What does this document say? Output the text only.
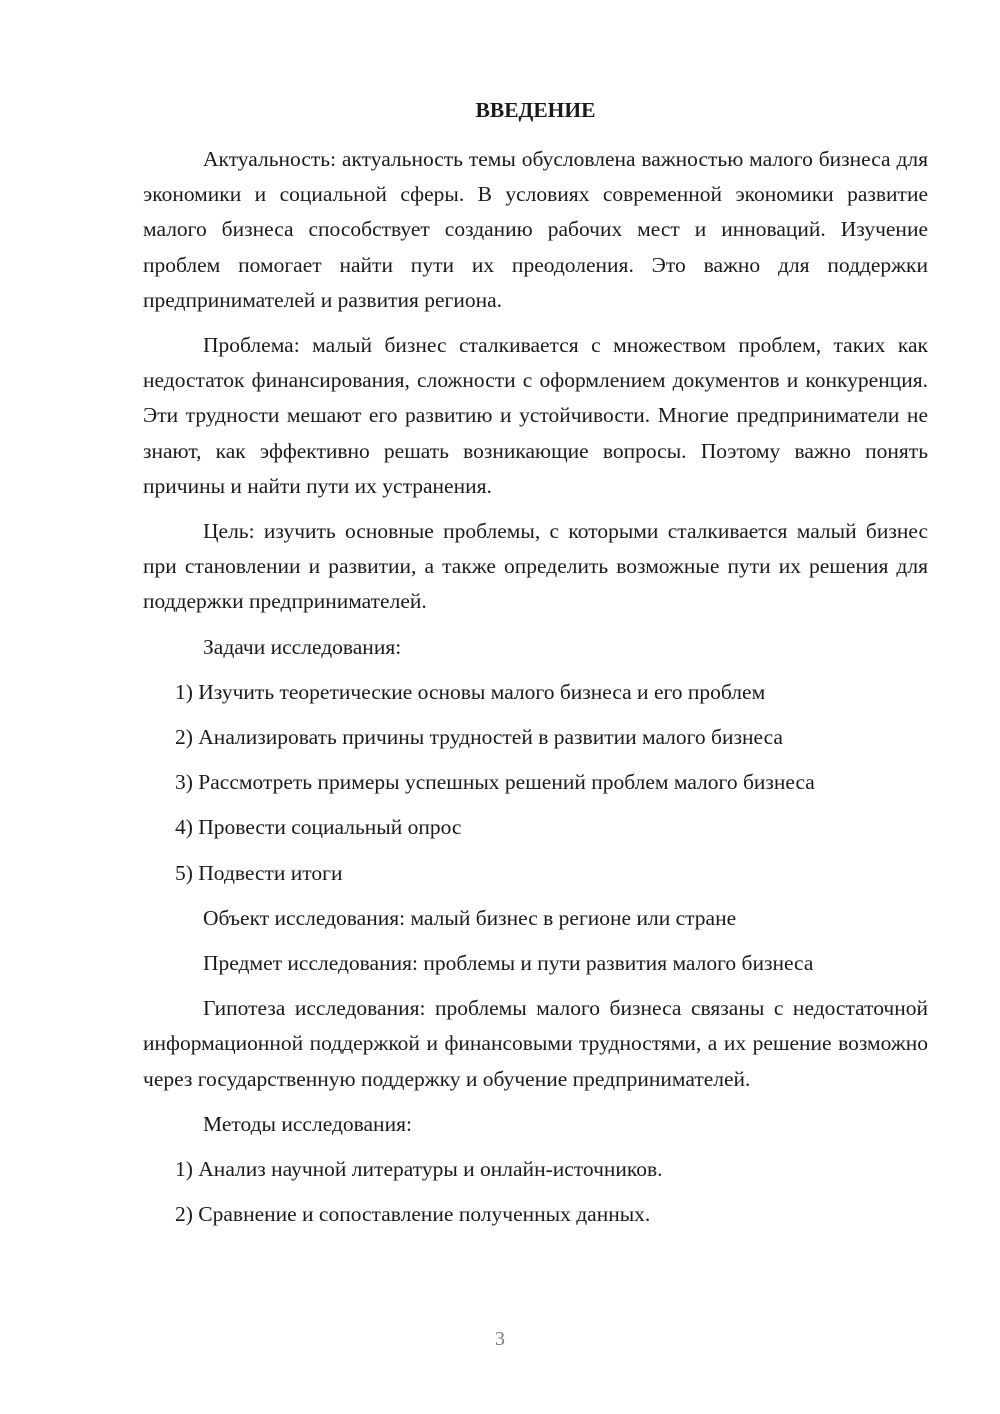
ВВЕДЕНИЕ

Актуальность: актуальность темы обусловлена важностью малого бизнеса для экономики и социальной сферы. В условиях современной экономики развитие малого бизнеса способствует созданию рабочих мест и инноваций. Изучение проблем помогает найти пути их преодоления. Это важно для поддержки предпринимателей и развития региона.

Проблема: малый бизнес сталкивается с множеством проблем, таких как недостаток финансирования, сложности с оформлением документов и конкуренция. Эти трудности мешают его развитию и устойчивости. Многие предприниматели не знают, как эффективно решать возникающие вопросы. Поэтому важно понять причины и найти пути их устранения.

Цель: изучить основные проблемы, с которыми сталкивается малый бизнес при становлении и развитии, а также определить возможные пути их решения для поддержки предпринимателей.

Задачи исследования:
1) Изучить теоретические основы малого бизнеса и его проблем
2) Анализировать причины трудностей в развитии малого бизнеса
3) Рассмотреть примеры успешных решений проблем малого бизнеса
4) Провести социальный опрос
5) Подвести итоги
Объект исследования: малый бизнес в регионе или стране
Предмет исследования: проблемы и пути развития малого бизнеса

Гипотеза исследования: проблемы малого бизнеса связаны с недостаточной информационной поддержкой и финансовыми трудностями, а их решение возможно через государственную поддержку и обучение предпринимателей.

Методы исследования:
1) Анализ научной литературы и онлайн-источников.
2) Сравнение и сопоставление полученных данных.
3
